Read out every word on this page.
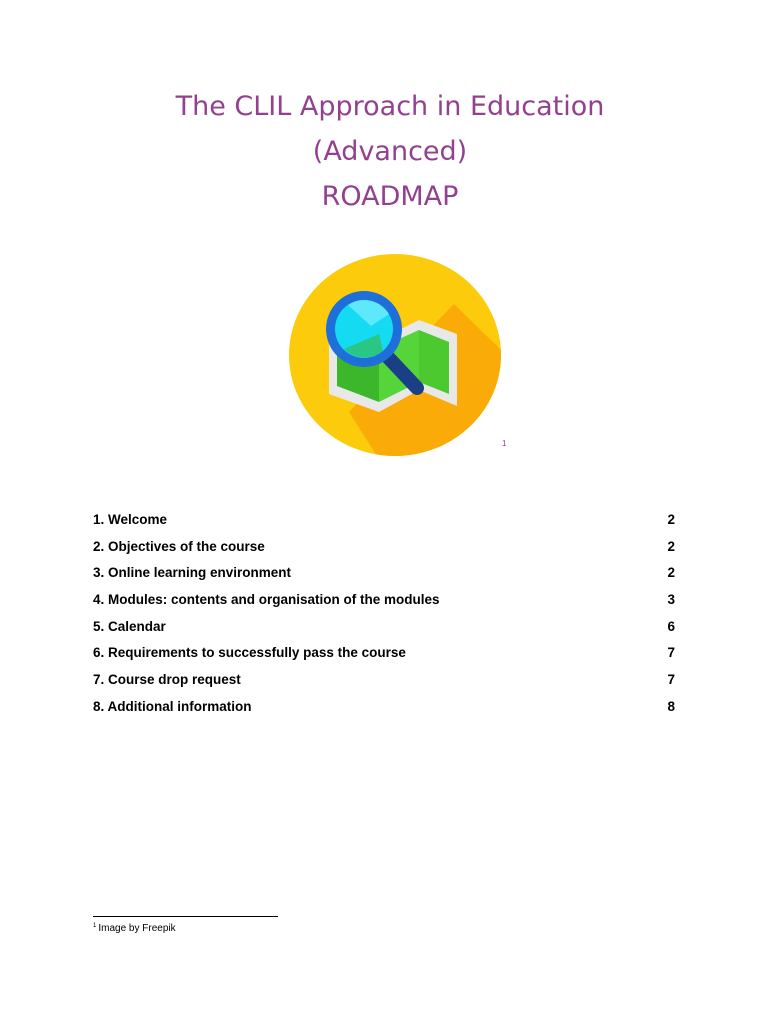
The CLIL Approach in Education
(Advanced)
ROADMAP
1
1. Welcome	2
2. Objectives of the course	2
3. Online learning environment	2
4. Modules: contents and organisation of the modules	3
5. Calendar	6
6. Requirements to successfully pass the course	7
7. Course drop request	7
8. Additional information	8
$^1$ Image by Freepik
